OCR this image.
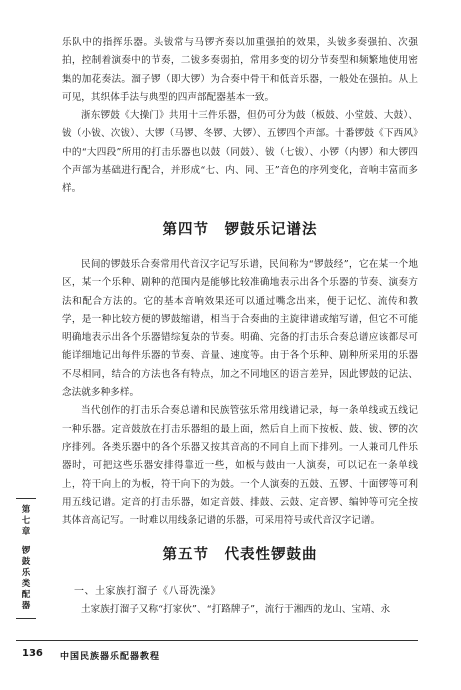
乐队中的指挥乐器。头钹常与马锣齐奏以加重强拍的效果，头钹多奏强拍、次强拍，控制着演奏中的节奏，二钹多奏弱拍，常用多变的切分节奏型和频繁地使用密集的加花奏法。溜子锣（即大锣）为合奏中骨干和低音乐器，一般处在强拍。从上可见，其织体手法与典型的四声部配器基本一致。

浙东锣鼓《大操门》共用十三件乐器，但仍可分为鼓（板鼓、小堂鼓、大鼓）、钹（小钹、次钹）、大锣（马锣、冬锣、大锣）、五锣四个声部。十番锣鼓《下西风》中的“大四段”所用的打击乐器也以鼓（同鼓）、钹（七钹）、小锣（内锣）和大锣四个声部为基础进行配合，并形成“七、内、同、王”音色的序列变化，音响丰富而多样。

第四节　锣鼓乐记谱法

民间的锣鼓乐合奏常用代音汉字记写乐谱，民间称为“锣鼓经”，它在某一个地区，某一个乐种、剧种的范围内是能够比较准确地表示出各个乐器的节奏、演奏方法和配合方法的。它的基本音响效果还可以通过嘴念出来，便于记忆、流传和教学，是一种比较方便的锣鼓缩谱，相当于合奏曲的主旋律谱或缩写谱，但它不可能明确地表示出各个乐器错综复杂的节奏。明确、完备的打击乐合奏总谱应该都尽可能详细地记出每件乐器的节奏、音量、速度等。由于各个乐种、剧种所采用的乐器不尽相同，结合的方法也各有特点，加之不同地区的语言差异，因此锣鼓的记法、念法就多种多样。

当代创作的打击乐合奏总谱和民族管弦乐常用线谱记录，每一条单线或五线记一种乐器。定音鼓放在打击乐器组的最上面，然后自上而下按板、鼓、钹、锣的次序排列。各类乐器中的各个乐器又按其音高的不同自上而下排列。一人兼司几件乐器时，可把这些乐器安排得靠近一些，如板与鼓由一人演奏，可以记在一条单线上，符干向上的为板，符干向下的为鼓。一个人演奏的五鼓、五锣、十面锣等可利用五线记谱。定音的打击乐器，如定音鼓、排鼓、云鼓、定音锣、编钟等可完全按其体音高记写。一时难以用线条记谱的乐器，可采用符号或代音汉字记谱。

第五节　代表性锣鼓曲

一、土家族打溜子《八哥洗澡》

土家族打溜子又称“打家伙”、“打路牌子”，流行于湘西的龙山、宝靖、永

第
七
章
锣
鼓
乐
类
配
器
136 中国民族器乐配器教程
